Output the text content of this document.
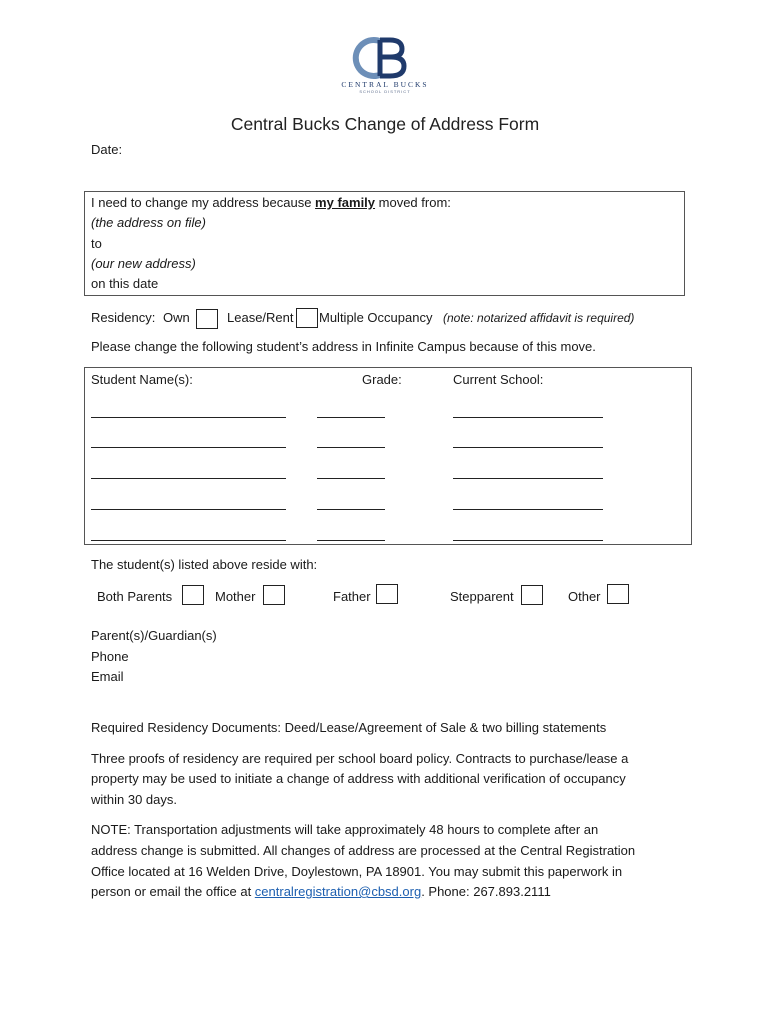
CENTRAL BUCKS
SCHOOL DISTRICT
Central Bucks Change of Address Form
Date:
I need to change my address because my family moved from:
(the address on file)
to
(our new address)
on this date
Residency: Own	Lease/Rent Multiple Occupancy (note: notarized affidavit is required)
Please change the following student’s address in Infinite Campus because of this move.
Student Name(s):	Grade:	Current School:
The student(s) listed above reside with:
Both Parents	Mother	Father	Stepparent	Other
Parent(s)/Guardian(s)
Phone
Email
Required Residency Documents: Deed/Lease/Agreement of Sale & two billing statements
Three proofs of residency are required per school board policy. Contracts to purchase/lease a
property may be used to initiate a change of address with additional verification of occupancy
within 30 days.
NOTE: Transportation adjustments will take approximately 48 hours to complete after an
address change is submitted. All changes of address are processed at the Central Registration
Office located at 16 Welden Drive, Doylestown, PA 18901. You may submit this paperwork in
person or email the office at centralregistration@cbsd.org. Phone: 267.893.2111
